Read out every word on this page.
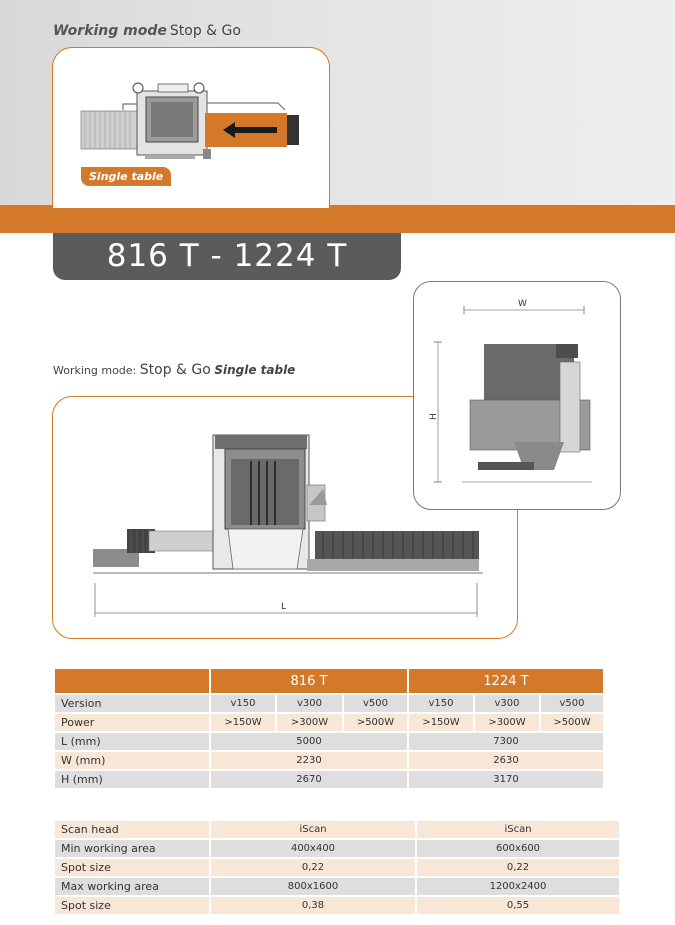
Working mode Stop & Go
Single table
816 T - 1224 T
Working mode: Stop & Go Single table
L
W
H
	816 T			1224 T		
Version	v150	v300	v500	v150	v300	v500
Power	>150W	>300W	>500W	>150W	>300W	>500W
L (mm)	5000			7300		
W (mm)	2230			2630		
H (mm)	2670			3170		
Scan head	iScan	iScan
Min working area	400x400	600x600
Spot size	0,22	0,22
Max working area	800x1600	1200x2400
Spot size	0,38	0,55
